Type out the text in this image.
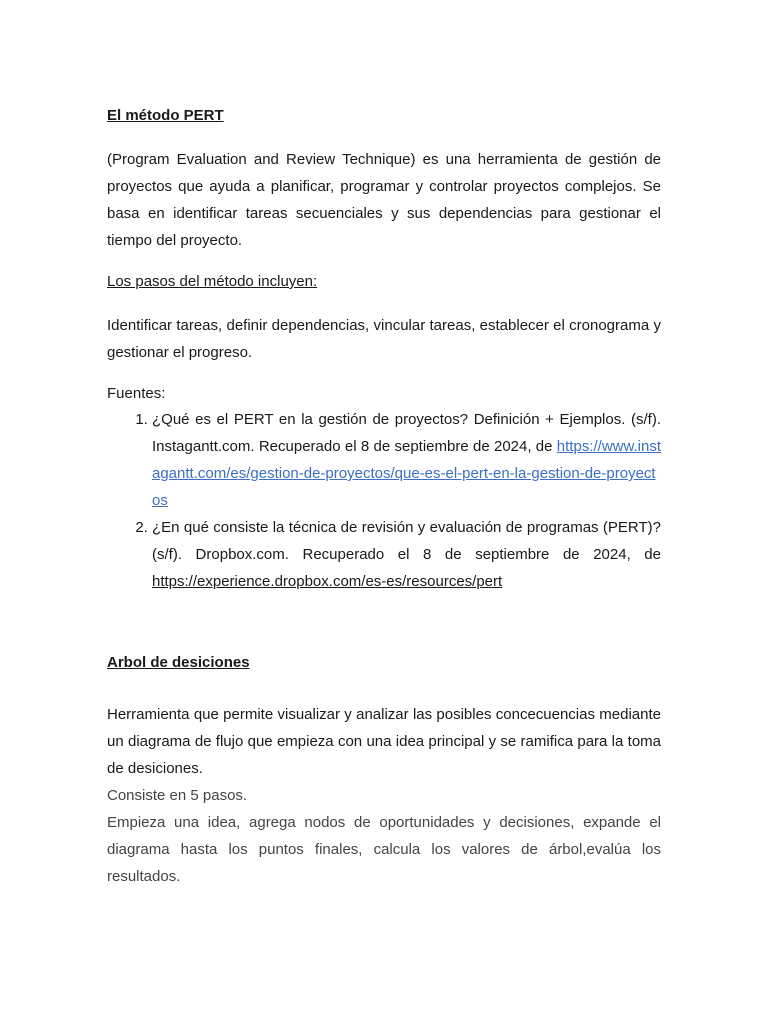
El método PERT

(Program Evaluation and Review Technique) es una herramienta de gestión de proyectos que ayuda a planificar, programar y controlar proyectos complejos. Se basa en identificar tareas secuenciales y sus dependencias para gestionar el tiempo del proyecto.

Los pasos del método incluyen:

Identificar tareas, definir dependencias, vincular tareas, establecer el cronograma y gestionar el progreso.

Fuentes:

1. ¿Qué es el PERT en la gestión de proyectos? Definición + Ejemplos. (s/f). Instagantt.com. Recuperado el 8 de septiembre de 2024, de https://www.instagantt.com/es/gestion-de-proyectos/que-es-el-pert-en-la-gestion-de-proyectos
2. ¿En qué consiste la técnica de revisión y evaluación de programas (PERT)? (s/f). Dropbox.com. Recuperado el 8 de septiembre de 2024, de https://experience.dropbox.com/es-es/resources/pert

Arbol de desiciones

Herramienta que permite visualizar y analizar las posibles concecuencias mediante un diagrama de flujo que empieza con una idea principal y se ramifica para la toma de desiciones.

Consiste en 5 pasos.

Empieza una idea, agrega nodos de oportunidades y decisiones, expande el diagrama hasta los puntos finales, calcula los valores de árbol,evalúa los resultados.
